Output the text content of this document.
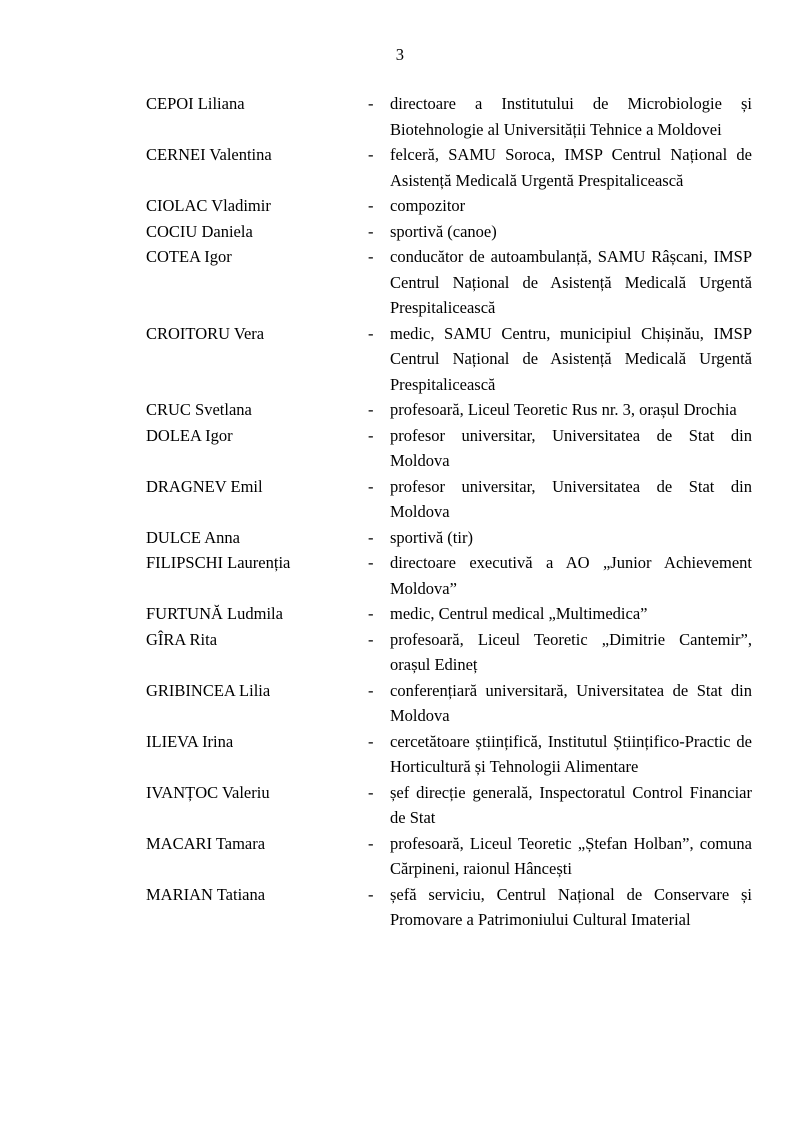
3
CEPOI Liliana	-	directoare a Institutului de Microbiologie și Biotehnologie al Universității Tehnice a Moldovei
CERNEI Valentina	-	felceră, SAMU Soroca, IMSP Centrul Național de Asistență Medicală Urgentă Prespitalicească
CIOLAC Vladimir	-	compozitor
COCIU Daniela	-	sportivă (canoe)
COTEA Igor	-	conducător de autoambulanță, SAMU Râșcani, IMSP Centrul Național de Asistență Medicală Urgentă Prespitalicească
CROITORU Vera	-	medic, SAMU Centru, municipiul Chișinău, IMSP Centrul Național de Asistență Medicală Urgentă Prespitalicească
CRUC Svetlana	-	profesoară, Liceul Teoretic Rus nr. 3, orașul Drochia
DOLEA Igor	-	profesor universitar, Universitatea de Stat din Moldova
DRAGNEV Emil	-	profesor universitar, Universitatea de Stat din Moldova
DULCE Anna	-	sportivă (tir)
FILIPSCHI Laurenția	-	directoare executivă a AO „Junior Achievement Moldova”
FURTUNĂ Ludmila	-	medic, Centrul medical „Multimedica”
GÎRA Rita	-	profesoară, Liceul Teoretic „Dimitrie Cantemir”, orașul Edineț
GRIBINCEA Lilia	-	conferențiară universitară, Universitatea de Stat din Moldova
ILIEVA Irina	-	cercetătoare științifică, Institutul Științifico-Practic de Horticultură și Tehnologii Alimentare
IVANȚOC Valeriu	-	șef direcție generală, Inspectoratul Control Financiar de Stat
MACARI Tamara	-	profesoară, Liceul Teoretic „Ștefan Holban”, comuna Cărpineni, raionul Hâncești
MARIAN Tatiana	-	șefă serviciu, Centrul Național de Conservare și Promovare a Patrimoniului Cultural Imaterial
